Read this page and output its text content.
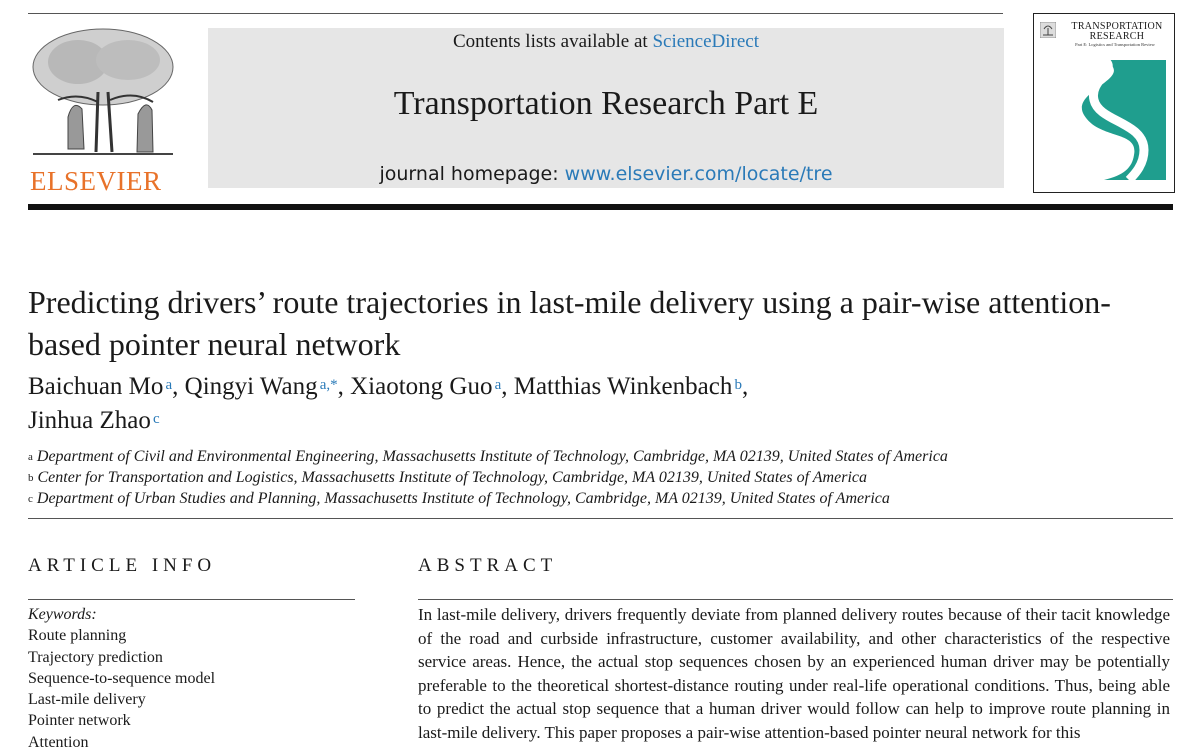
ELSEVIER
Contents lists available at ScienceDirect
Transportation Research Part E
journal homepage: www.elsevier.com/locate/tre
TRANSPORTATION
RESEARCH
Part E: Logistics and Transportation Review
Predicting drivers’ route trajectories in last-mile delivery using a pair-wise attention-based pointer neural network
Baichuan Mo  $^a$, Qingyi Wang  $^{a,*}$, Xiaotong Guo  $^a$, Matthias Winkenbach  $^b$,
Jinhua Zhao  $^c$
$^a$ Department of Civil and Environmental Engineering, Massachusetts Institute of Technology, Cambridge, MA 02139, United States of America
$^b$ Center for Transportation and Logistics, Massachusetts Institute of Technology, Cambridge, MA 02139, United States of America
$^c$ Department of Urban Studies and Planning, Massachusetts Institute of Technology, Cambridge, MA 02139, United States of America
ARTICLE INFO
Keywords:
Route planning
Trajectory prediction
Sequence-to-sequence model
Last-mile delivery
Pointer network
Attention
ABSTRACT
In last-mile delivery, drivers frequently deviate from planned delivery routes because of their tacit knowledge of the road and curbside infrastructure, customer availability, and other characteristics of the respective service areas. Hence, the actual stop sequences chosen by an experienced human driver may be potentially preferable to the theoretical shortest-distance routing under real-life operational conditions. Thus, being able to predict the actual stop sequence that a human driver would follow can help to improve route planning in last-mile delivery. This paper proposes a pair-wise attention-based pointer neural network for this
